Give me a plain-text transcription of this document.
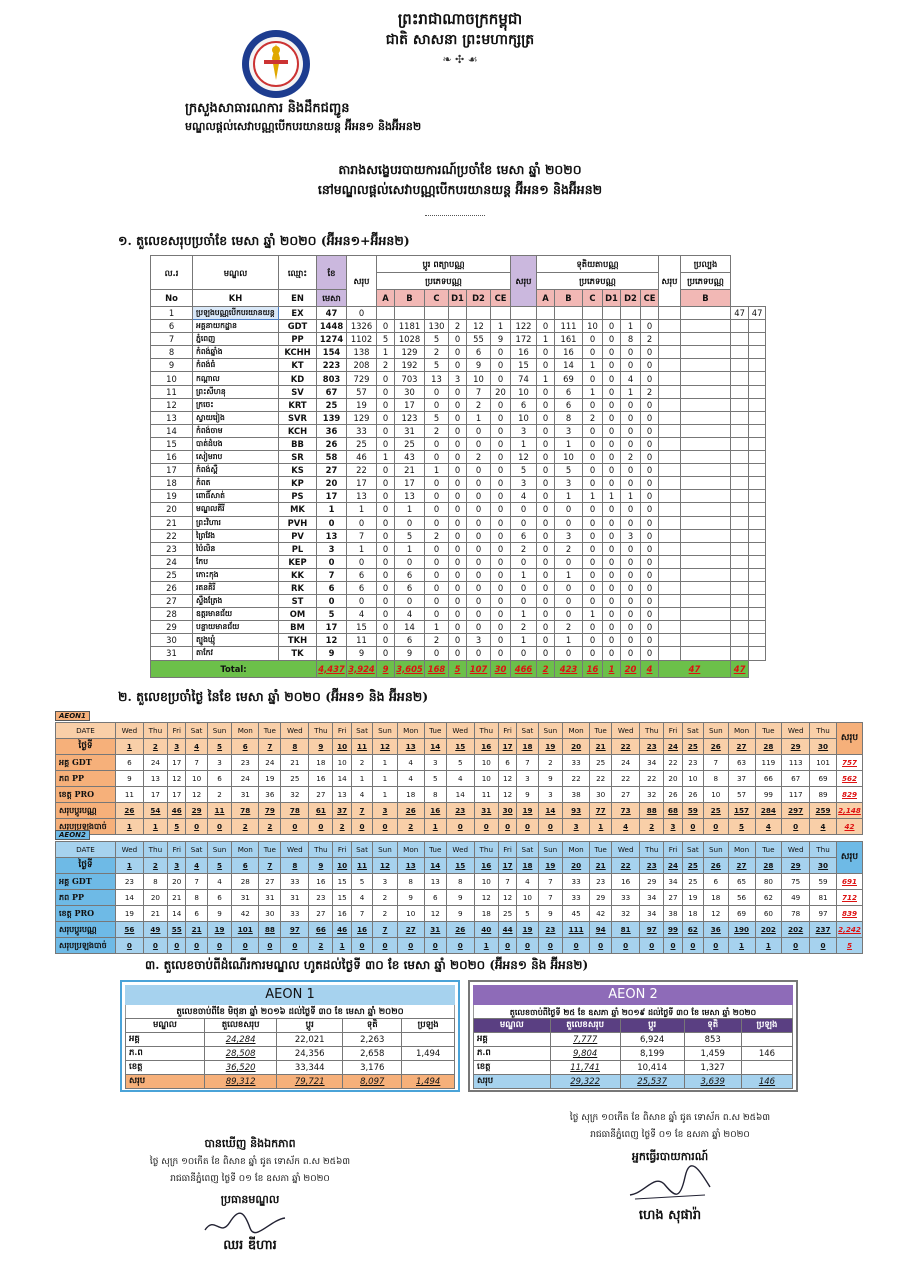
ព្រះរាជាណាចក្រកម្ពុជា
ជាតិ សាសនា ព្រះមហាក្សត្រ
❧ ✣ ☙
ក្រសួងសាធារណការ និងដឹកជញ្ជូន
មណ្ឌលផ្តល់សេវាបណ្ណបើកបរយានយន្ត អ៊ីអន១ និងអ៊ីអន២
តារាងសង្ខេបរបាយការណ៍ប្រចាំខែ មេសា ឆ្នាំ ២០២០
នៅមណ្ឌលផ្តល់សេវាបណ្ណបើកបរយានយន្ត អ៊ីអន១ និងអ៊ីអន២
១. តួលេខសរុបប្រចាំខែ មេសា ឆ្នាំ ២០២០ (អ៊ីអន១+អ៊ីអន២)
ល.រ	មណ្ឌល	ឈ្មោះ	ខែ	សរុប	ប្តូរ ពត្យាបណ្ណ						សរុប	ទុតិយតាបណ្ណ						សរុប	ប្រល្បង		
					ប្រភេទបណ្ណ							ប្រភេទបណ្ណ							ប្រភេទបណ្ណ		
No	KH	EN	មេសា		A	B	C	D1	D2	CE		A	B	C	D1	D2	CE		B		
1	ប្រឡងបណ្ណបើកបរយានយន្ត	EX	47	0																47	47
6	អគ្គនាយកដ្ឋាន	GDT	1448	1326	0	1181	130	2	12	1	122	0	111	10	0	1	0				
7	ភ្នំពេញ	PP	1274	1102	5	1028	5	0	55	9	172	1	161	0	0	8	2				
8	កំពង់ឆ្នាំង	KCHH	154	138	1	129	2	0	6	0	16	0	16	0	0	0	0				
9	កំពង់ធំ	KT	223	208	2	192	5	0	9	0	15	0	14	1	0	0	0				
10	កណ្តាល	KD	803	729	0	703	13	3	10	0	74	1	69	0	0	4	0				
11	ព្រះសីហនុ	SV	67	57	0	30	0	0	7	20	10	0	6	1	0	1	2				
12	ក្រចេះ	KRT	25	19	0	17	0	0	2	0	6	0	6	0	0	0	0				
13	ស្វាយរៀង	SVR	139	129	0	123	5	0	1	0	10	0	8	2	0	0	0				
14	កំពង់ចាម	KCH	36	33	0	31	2	0	0	0	3	0	3	0	0	0	0				
15	បាត់ដំបង	BB	26	25	0	25	0	0	0	0	1	0	1	0	0	0	0				
16	សៀមរាប	SR	58	46	1	43	0	0	2	0	12	0	10	0	0	2	0				
17	កំពង់ស្ពឺ	KS	27	22	0	21	1	0	0	0	5	0	5	0	0	0	0				
18	កំពត	KP	20	17	0	17	0	0	0	0	3	0	3	0	0	0	0				
19	ពោធិ៍សាត់	PS	17	13	0	13	0	0	0	0	4	0	1	1	1	1	0				
20	មណ្ឌលគីរី	MK	1	1	0	1	0	0	0	0	0	0	0	0	0	0	0				
21	ព្រះវិហារ	PVH	0	0	0	0	0	0	0	0	0	0	0	0	0	0	0				
22	ព្រៃវែង	PV	13	7	0	5	2	0	0	0	6	0	3	0	0	3	0				
23	ប៉ៃលិន	PL	3	1	0	1	0	0	0	0	2	0	2	0	0	0	0				
24	កែប	KEP	0	0	0	0	0	0	0	0	0	0	0	0	0	0	0				
25	កោះកុង	KK	7	6	0	6	0	0	0	0	1	0	1	0	0	0	0				
26	រតនគិរី	RK	6	6	0	6	0	0	0	0	0	0	0	0	0	0	0				
27	ស្ទឹងត្រែង	ST	0	0	0	0	0	0	0	0	0	0	0	0	0	0	0				
28	ឧត្តរមានជ័យ	OM	5	4	0	4	0	0	0	0	1	0	0	1	0	0	0				
29	បន្ទាយមានជ័យ	BM	17	15	0	14	1	0	0	0	2	0	2	0	0	0	0				
30	ត្បូងឃ្មុំ	TKH	12	11	0	6	2	0	3	0	1	0	1	0	0	0	0				
31	តាកែវ	TK	9	9	0	9	0	0	0	0	0	0	0	0	0	0	0				
Total:			4,437	3,924	9	3,605	168	5	107	30	466	2	423	16	1	20	4	47		47	
២. តួលេខប្រចាំថ្ងៃ នៃខែ មេសា ឆ្នាំ ២០២០ (អ៊ីអន១ និង អ៊ីអន២)
AEON1
DATE	Wed	Thu	Fri	Sat	Sun	Mon	Tue	Wed	Thu	Fri	Sat	Sun	Mon	Tue	Wed	Thu	Fri	Sat	Sun	Mon	Tue	Wed	Thu	Fri	Sat	Sun	Mon	Tue	Wed	Thu	សរុប
ថ្ងៃទី	1	2	3	4	5	6	7	8	9	10	11	12	13	14	15	16	17	18	19	20	21	22	23	24	25	26	27	28	29	30	
អគ្គ GDT	6	24	17	7	3	23	24	21	18	10	2	1	4	3	5	10	6	7	2	33	25	24	34	22	23	7	63	119	113	101	757
ភព PP	9	13	12	10	6	24	19	25	16	14	1	1	4	5	4	10	12	3	9	22	22	22	22	20	10	8	37	66	67	69	562
ខេត្ត PRO	11	17	17	12	2	31	36	32	27	13	4	1	18	8	14	11	12	9	3	38	30	27	32	26	26	10	57	99	117	89	829
សរុបប្តូរបណ្ណ	26	54	46	29	11	78	79	78	61	37	7	3	26	16	23	31	30	19	14	93	77	73	88	68	59	25	157	284	297	259	2,148
សរុបប្រឡងបាច់	1	1	5	0	0	2	2	0	0	2	0	0	2	1	0	0	0	0	0	3	1	4	2	3	0	0	5	4	0	4	42
AEON2
DATE	Wed	Thu	Fri	Sat	Sun	Mon	Tue	Wed	Thu	Fri	Sat	Sun	Mon	Tue	Wed	Thu	Fri	Sat	Sun	Mon	Tue	Wed	Thu	Fri	Sat	Sun	Mon	Tue	Wed	Thu	សរុប
ថ្ងៃទី	1	2	3	4	5	6	7	8	9	10	11	12	13	14	15	16	17	18	19	20	21	22	23	24	25	26	27	28	29	30	
អគ្គ GDT	23	8	20	7	4	28	27	33	16	15	5	3	8	13	8	10	7	4	7	33	23	16	29	34	25	6	65	80	75	59	691
ភព PP	14	20	21	8	6	31	31	31	23	15	4	2	9	6	9	12	12	10	7	33	29	33	34	27	19	18	56	62	49	81	712
ខេត្ត PRO	19	21	14	6	9	42	30	33	27	16	7	2	10	12	9	18	25	5	9	45	42	32	34	38	18	12	69	60	78	97	839
សរុបប្តូរបណ្ណ	56	49	55	21	19	101	88	97	66	46	16	7	27	31	26	40	44	19	23	111	94	81	97	99	62	36	190	202	202	237	2,242
សរុបប្រឡងបាច់	0	0	0	0	0	0	0	0	2	1	0	0	0	0	0	1	0	0	0	0	0	0	0	0	0	0	1	1	0	0	5
៣. តួលេខចាប់ពីដំណើរការមណ្ឌល ហូតដល់ថ្ងៃទី ៣០ ខែ មេសា ឆ្នាំ ២០២០ (អ៊ីអន១ និង អ៊ីអន២)
AEON 1
តួលេខចាប់ពីខែ មិថុនា ឆ្នាំ ២០១៦ ដល់ថ្ងៃទី ៣០ ខែ មេសា ឆ្នាំ ២០២០
មណ្ឌល	តួលេខសរុប	ប្តូរ	ទុតិ	ប្រឡង
អគ្គ	24,284	22,021	2,263	
ភ.ព	28,508	24,356	2,658	1,494
ខេត្ត	36,520	33,344	3,176	
សរុប	89,312	79,721	8,097	1,494
AEON 2
តួលេខចាប់ពីថ្ងៃទី ២៥ ខែ ឧសភា ឆ្នាំ ២០១៩ ដល់ថ្ងៃទី ៣០ ខែ មេសា ឆ្នាំ ២០២០
មណ្ឌល	តួលេខសរុប	ប្តូរ	ទុតិ	ប្រឡង
អគ្គ	7,777	6,924	853	
ភ.ព	9,804	8,199	1,459	146
ខេត្ត	11,741	10,414	1,327	
សរុប	29,322	25,537	3,639	146
បានឃើញ និងឯកភាព
ថ្ងៃ សុក្រ ១០កើត ខែ ពិសាខ ឆ្នាំ ជូត ទោស័ក ព.ស ២៥៦៣
រាជធានីភ្នំពេញ ថ្ងៃទី ០១ ខែ ឧសភា ឆ្នាំ ២០២០
ប្រធានមណ្ឌល
ឈរ ឌីហារ
ថ្ងៃ សុក្រ ១០កើត ខែ ពិសាខ ឆ្នាំ ជូត ទោស័ក ព.ស ២៥៦៣
រាជធានីភ្នំពេញ ថ្ងៃទី ០១ ខែ ឧសភា ឆ្នាំ ២០២០
អ្នកធ្វើរបាយការណ៍
ហេង សុផារ៉ា
